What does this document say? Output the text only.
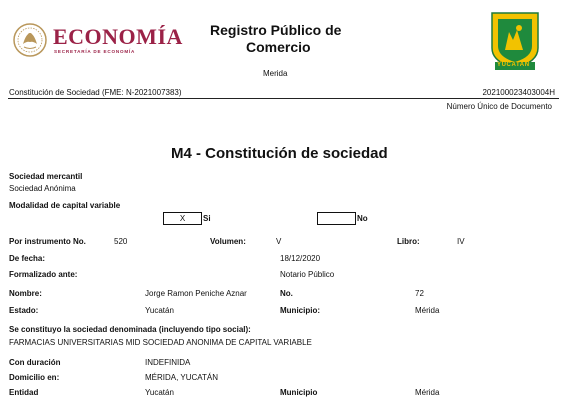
ECONOMÍA
SECRETARÍA DE ECONOMÍA
Registro Público de
Comercio
Merida
YUCATAN
Constitución de Sociedad (FME: N-2021007383)	202100023403004H
Número Único de Documento
M4 - Constitución de sociedad
Sociedad mercantil
Sociedad Anónima
Modalidad de capital variable
X	Si	No
Por instrumento No.	520	Volumen:	V	Libro:	IV
De fecha:	18/12/2020
Formalizado ante:	Notario Público
Nombre:	Jorge Ramon Peniche Aznar	No.	72
Estado:	Yucatán	Municipio:	Mérida
Se constituyo la sociedad denominada (incluyendo tipo social):
FARMACIAS UNIVERSITARIAS MID SOCIEDAD ANONIMA DE CAPITAL VARIABLE
Con duración	INDEFINIDA
Domicilio en:	MÉRIDA, YUCATÁN
Entidad	Yucatán	Municipio	Mérida
